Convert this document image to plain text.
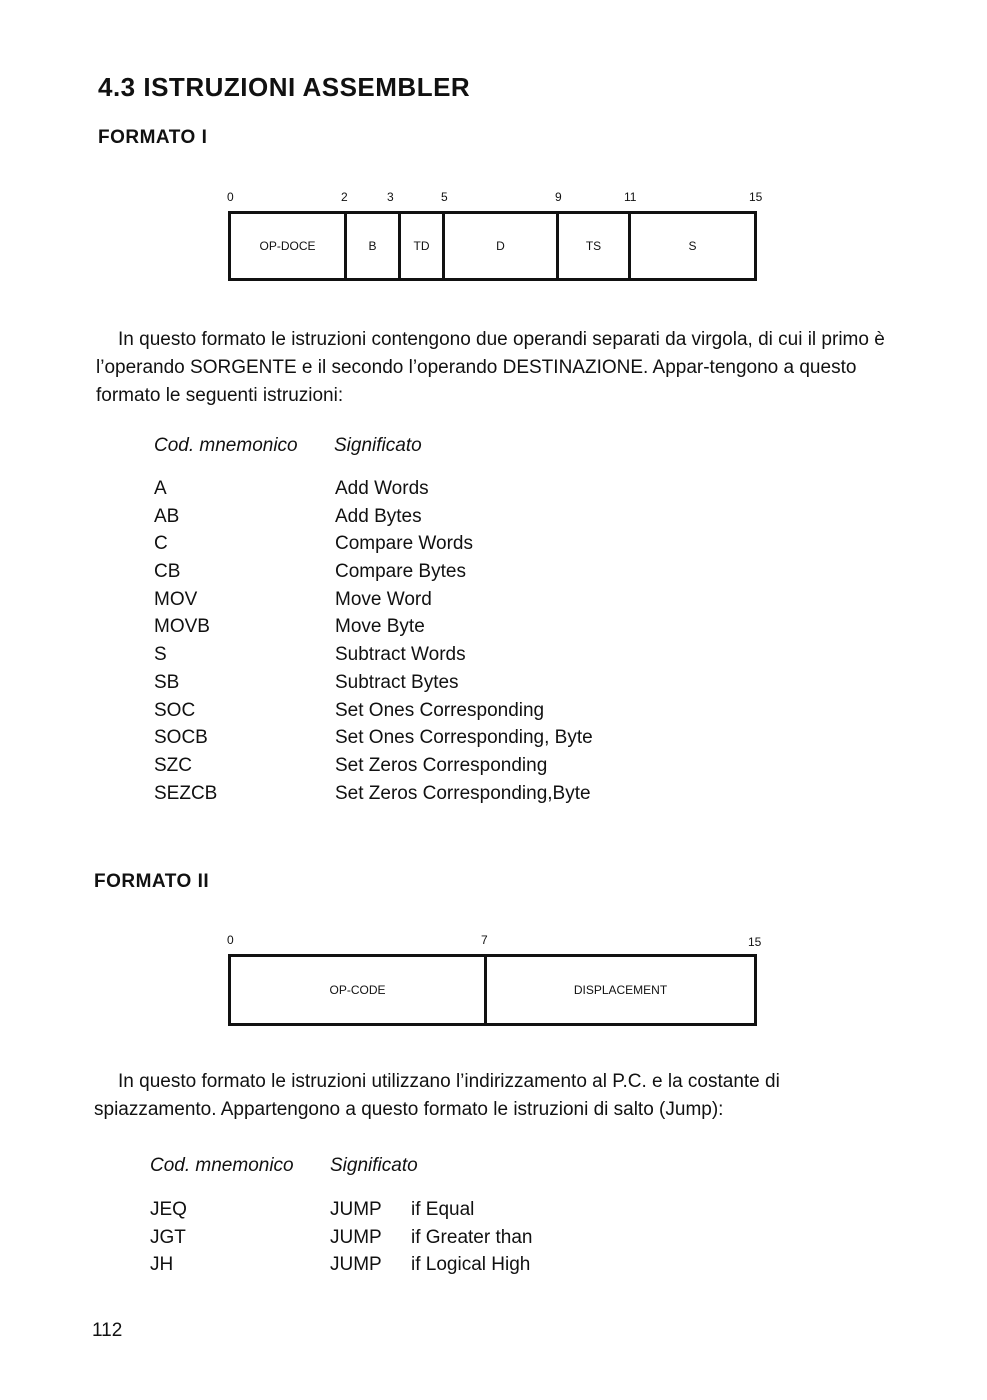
4.3 ISTRUZIONI ASSEMBLER
FORMATO I
0	2	3	5	9	11	15
OP-DOCE	B	TD	D	TS	S
In questo formato le istruzioni contengono due operandi separati da virgola, di cui il primo è l’operando SORGENTE e il secondo l’operando DESTINAZIONE. Appar-tengono a questo formato le seguenti istruzioni:
Cod. mnemonico Significato
A	Add Words
AB	Add Bytes
C	Compare Words
CB	Compare Bytes
MOV	Move Word
MOVB	Move Byte
S	Subtract Words
SB	Subtract Bytes
SOC	Set Ones Corresponding
SOCB	Set Ones Corresponding, Byte
SZC	Set Zeros Corresponding
SEZCB	Set Zeros Corresponding,Byte
FORMATO II
0	7	15
OP-CODE	DISPLACEMENT
In questo formato le istruzioni utilizzano l’indirizzamento al P.C. e la costante di spiazzamento. Appartengono a questo formato le istruzioni di salto (Jump):
Cod. mnemonico Significato
JEQ	JUMP	if Equal
JGT	JUMP	if Greater than
JH	JUMP	if Logical High
112
